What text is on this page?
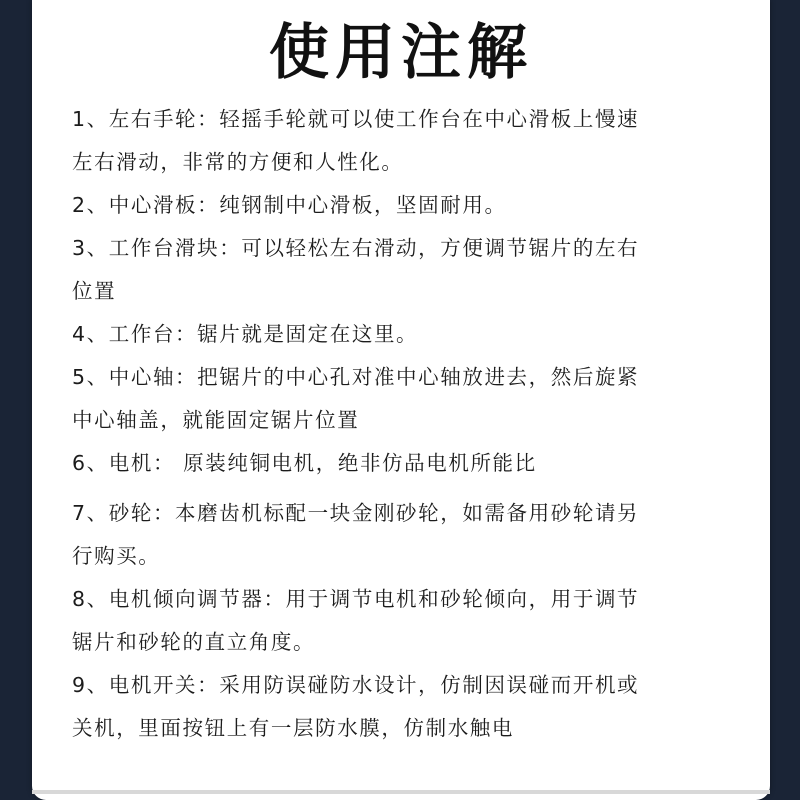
使用注解
1、左右手轮：轻摇手轮就可以使工作台在中心滑板上慢速
左右滑动，非常的方便和人性化。
2、中心滑板：纯钢制中心滑板，坚固耐用。
3、工作台滑块：可以轻松左右滑动，方便调节锯片的左右
位置
4、工作台：锯片就是固定在这里。
5、中心轴：把锯片的中心孔对准中心轴放进去，然后旋紧
中心轴盖，就能固定锯片位置
6、电机： 原装纯铜电机，绝非仿品电机所能比
7、砂轮：本磨齿机标配一块金刚砂轮，如需备用砂轮请另
行购买。
8、电机倾向调节器：用于调节电机和砂轮倾向，用于调节
锯片和砂轮的直立角度。
9、电机开关：采用防误碰防水设计，仿制因误碰而开机或
关机，里面按钮上有一层防水膜，仿制水触电
